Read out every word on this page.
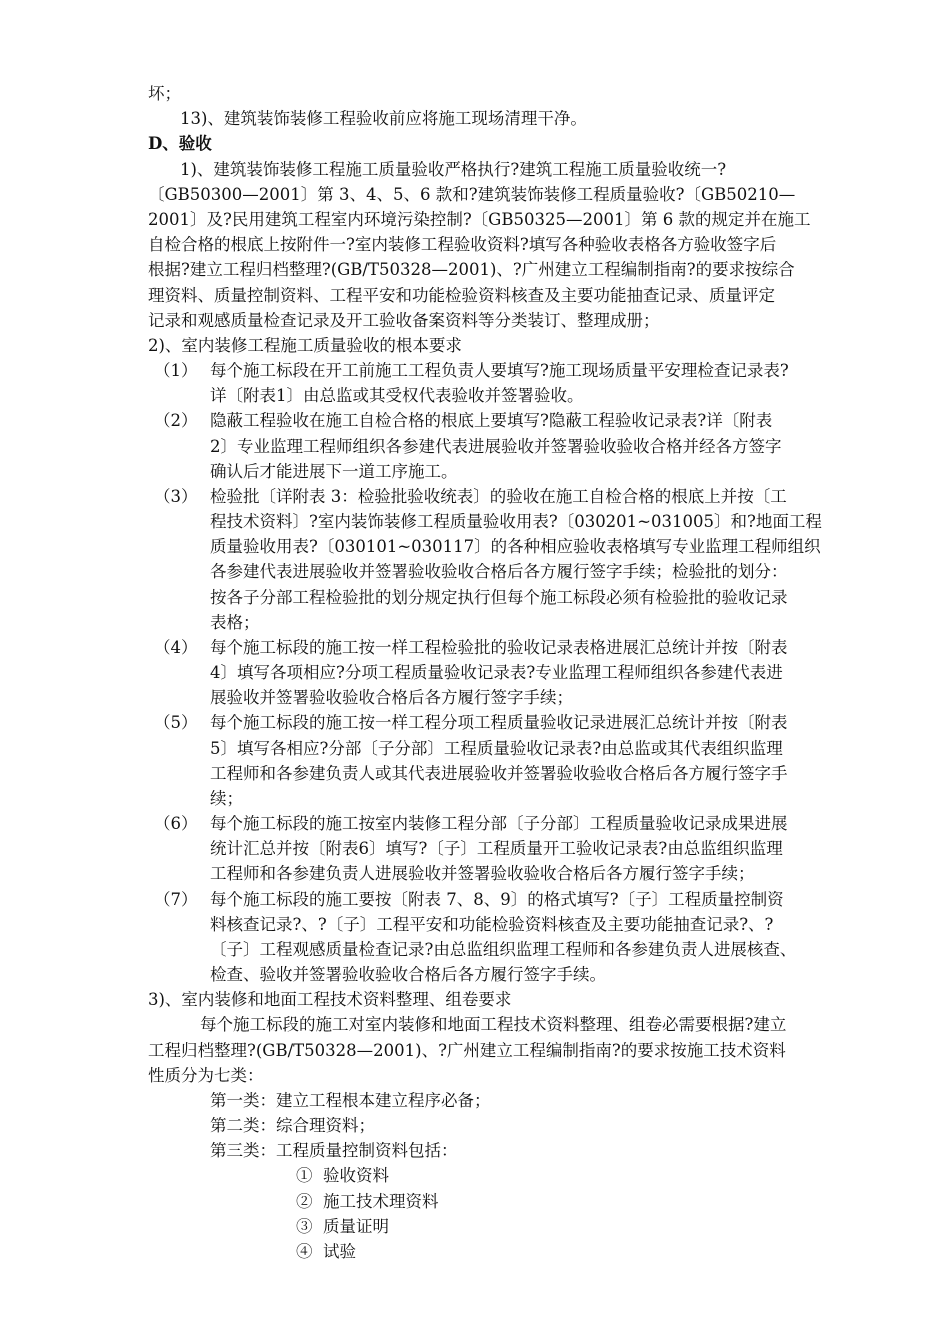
坏；
13)、建筑装饰装修工程验收前应将施工现场清理干净。
D、验收
1)、建筑装饰装修工程施工质量验收严格执行?建筑工程施工质量验收统一?
〔GB50300—2001〕第 3、4、5、6 款和?建筑装饰装修工程质量验收?〔GB50210—
2001〕及?民用建筑工程室内环境污染控制?〔GB50325—2001〕第 6 款的规定并在施工
自检合格的根底上按附件一?室内装修工程验收资料?填写各种验收表格各方验收签字后
根据?建立工程归档整理?(GB/T50328—2001)、?广州建立工程编制指南?的要求按综合
理资料、质量控制资料、工程平安和功能检验资料核查及主要功能抽查记录、质量评定
记录和观感质量检查记录及开工验收备案资料等分类装订、整理成册；
2)、室内装修工程施工质量验收的根本要求
（1） 每个施工标段在开工前施工工程负责人要填写?施工现场质量平安理检查记录表?
详〔附表1〕由总监或其受权代表验收并签署验收。
（2） 隐蔽工程验收在施工自检合格的根底上要填写?隐蔽工程验收记录表?详〔附表
2〕专业监理工程师组织各参建代表进展验收并签署验收验收合格并经各方签字
确认后才能进展下一道工序施工。
（3） 检验批〔详附表 3：检验批验收统表〕的验收在施工自检合格的根底上并按〔工
程技术资料〕?室内装饰装修工程质量验收用表?〔030201~031005〕和?地面工程
质量验收用表?〔030101~030117〕的各种相应验收表格填写专业监理工程师组织
各参建代表进展验收并签署验收验收合格后各方履行签字手续；检验批的划分：
按各子分部工程检验批的划分规定执行但每个施工标段必须有检验批的验收记录
表格；
（4） 每个施工标段的施工按一样工程检验批的验收记录表格进展汇总统计并按〔附表
4〕填写各项相应?分项工程质量验收记录表?专业监理工程师组织各参建代表进
展验收并签署验收验收合格后各方履行签字手续；
（5） 每个施工标段的施工按一样工程分项工程质量验收记录进展汇总统计并按〔附表
5〕填写各相应?分部〔子分部〕工程质量验收记录表?由总监或其代表组织监理
工程师和各参建负责人或其代表进展验收并签署验收验收合格后各方履行签字手
续；
（6） 每个施工标段的施工按室内装修工程分部〔子分部〕工程质量验收记录成果进展
统计汇总并按〔附表6〕填写?〔子〕工程质量开工验收记录表?由总监组织监理
工程师和各参建负责人进展验收并签署验收验收合格后各方履行签字手续；
（7） 每个施工标段的施工要按〔附表 7、8、9〕的格式填写?〔子〕工程质量控制资
料核查记录?、?〔子〕工程平安和功能检验资料核查及主要功能抽查记录?、?
〔子〕工程观感质量检查记录?由总监组织监理工程师和各参建负责人进展核查、
检查、验收并签署验收验收合格后各方履行签字手续。
3)、室内装修和地面工程技术资料整理、组卷要求
每个施工标段的施工对室内装修和地面工程技术资料整理、组卷必需要根据?建立
工程归档整理?(GB/T50328—2001)、?广州建立工程编制指南?的要求按施工技术资料
性质分为七类：
第一类：建立工程根本建立程序必备；
第二类：综合理资料；
第三类：工程质量控制资料包括：
①  验收资料
②  施工技术理资料
③  质量证明
④  试验
